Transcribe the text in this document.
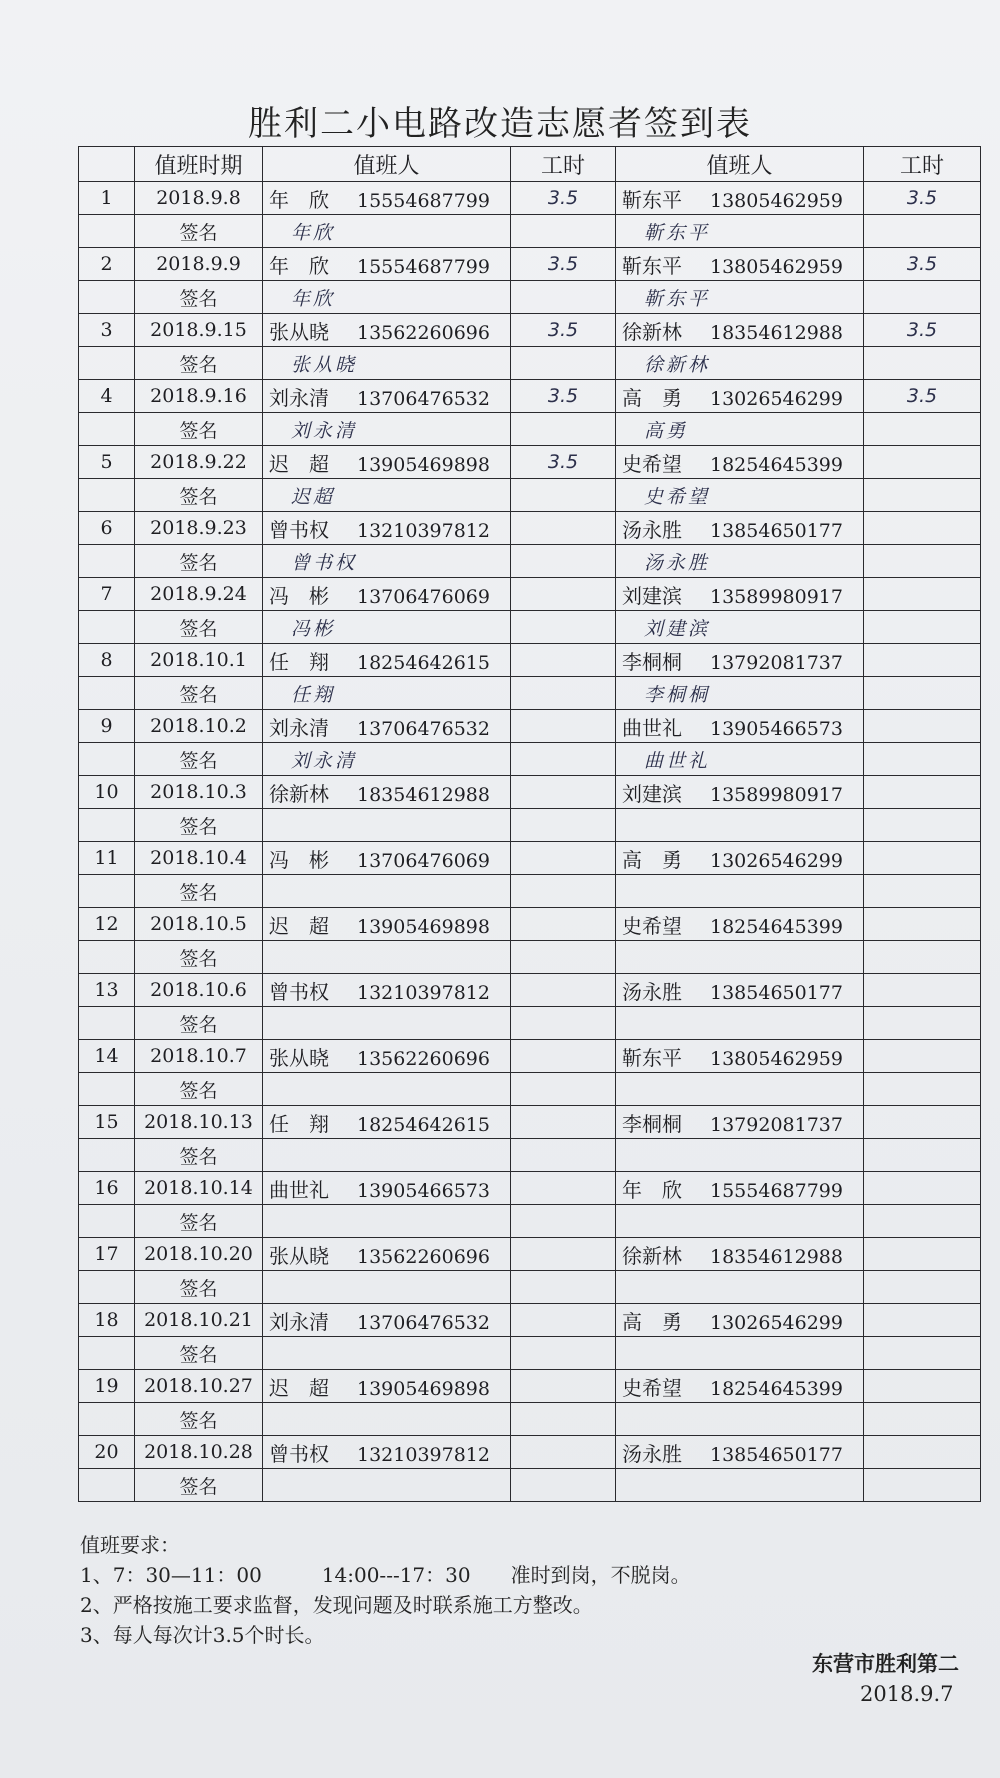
胜利二小电路改造志愿者签到表
	值班时期	值班人	工时	值班人	工时
1	2018.9.8	年　欣 15554687799	3.5	靳东平 13805462959	3.5
	签名	年欣		靳东平	
2	2018.9.9	年　欣 15554687799	3.5	靳东平 13805462959	3.5
	签名	年欣		靳东平	
3	2018.9.15	张从晓 13562260696	3.5	徐新林 18354612988	3.5
	签名	张从晓		徐新林	
4	2018.9.16	刘永清 13706476532	3.5	高　勇 13026546299	3.5
	签名	刘永清		高勇	
5	2018.9.22	迟　超 13905469898	3.5	史希望 18254645399	
	签名	迟超		史希望	
6	2018.9.23	曾书权 13210397812		汤永胜 13854650177	
	签名	曾书权		汤永胜	
7	2018.9.24	冯　彬 13706476069		刘建滨 13589980917	
	签名	冯彬		刘建滨	
8	2018.10.1	任　翔 18254642615		李桐桐 13792081737	
	签名	任翔		李桐桐	
9	2018.10.2	刘永清 13706476532		曲世礼 13905466573	
	签名	刘永清		曲世礼	
10	2018.10.3	徐新林 18354612988		刘建滨 13589980917	
	签名				
11	2018.10.4	冯　彬 13706476069		高　勇 13026546299	
	签名				
12	2018.10.5	迟　超 13905469898		史希望 18254645399	
	签名				
13	2018.10.6	曾书权 13210397812		汤永胜 13854650177	
	签名				
14	2018.10.7	张从晓 13562260696		靳东平 13805462959	
	签名				
15	2018.10.13	任　翔 18254642615		李桐桐 13792081737	
	签名				
16	2018.10.14	曲世礼 13905466573		年　欣 15554687799	
	签名				
17	2018.10.20	张从晓 13562260696		徐新林 18354612988	
	签名				
18	2018.10.21	刘永清 13706476532		高　勇 13026546299	
	签名				
19	2018.10.27	迟　超 13905469898		史希望 18254645399	
	签名				
20	2018.10.28	曾书权 13210397812		汤永胜 13854650177	
	签名				
值班要求：
1、7：30—11：00　　　14:00---17：30　　准时到岗，不脱岗。
2、严格按施工要求监督，发现问题及时联系施工方整改。
3、每人每次计3.5个时长。
东营市胜利第二
2018.9.7
